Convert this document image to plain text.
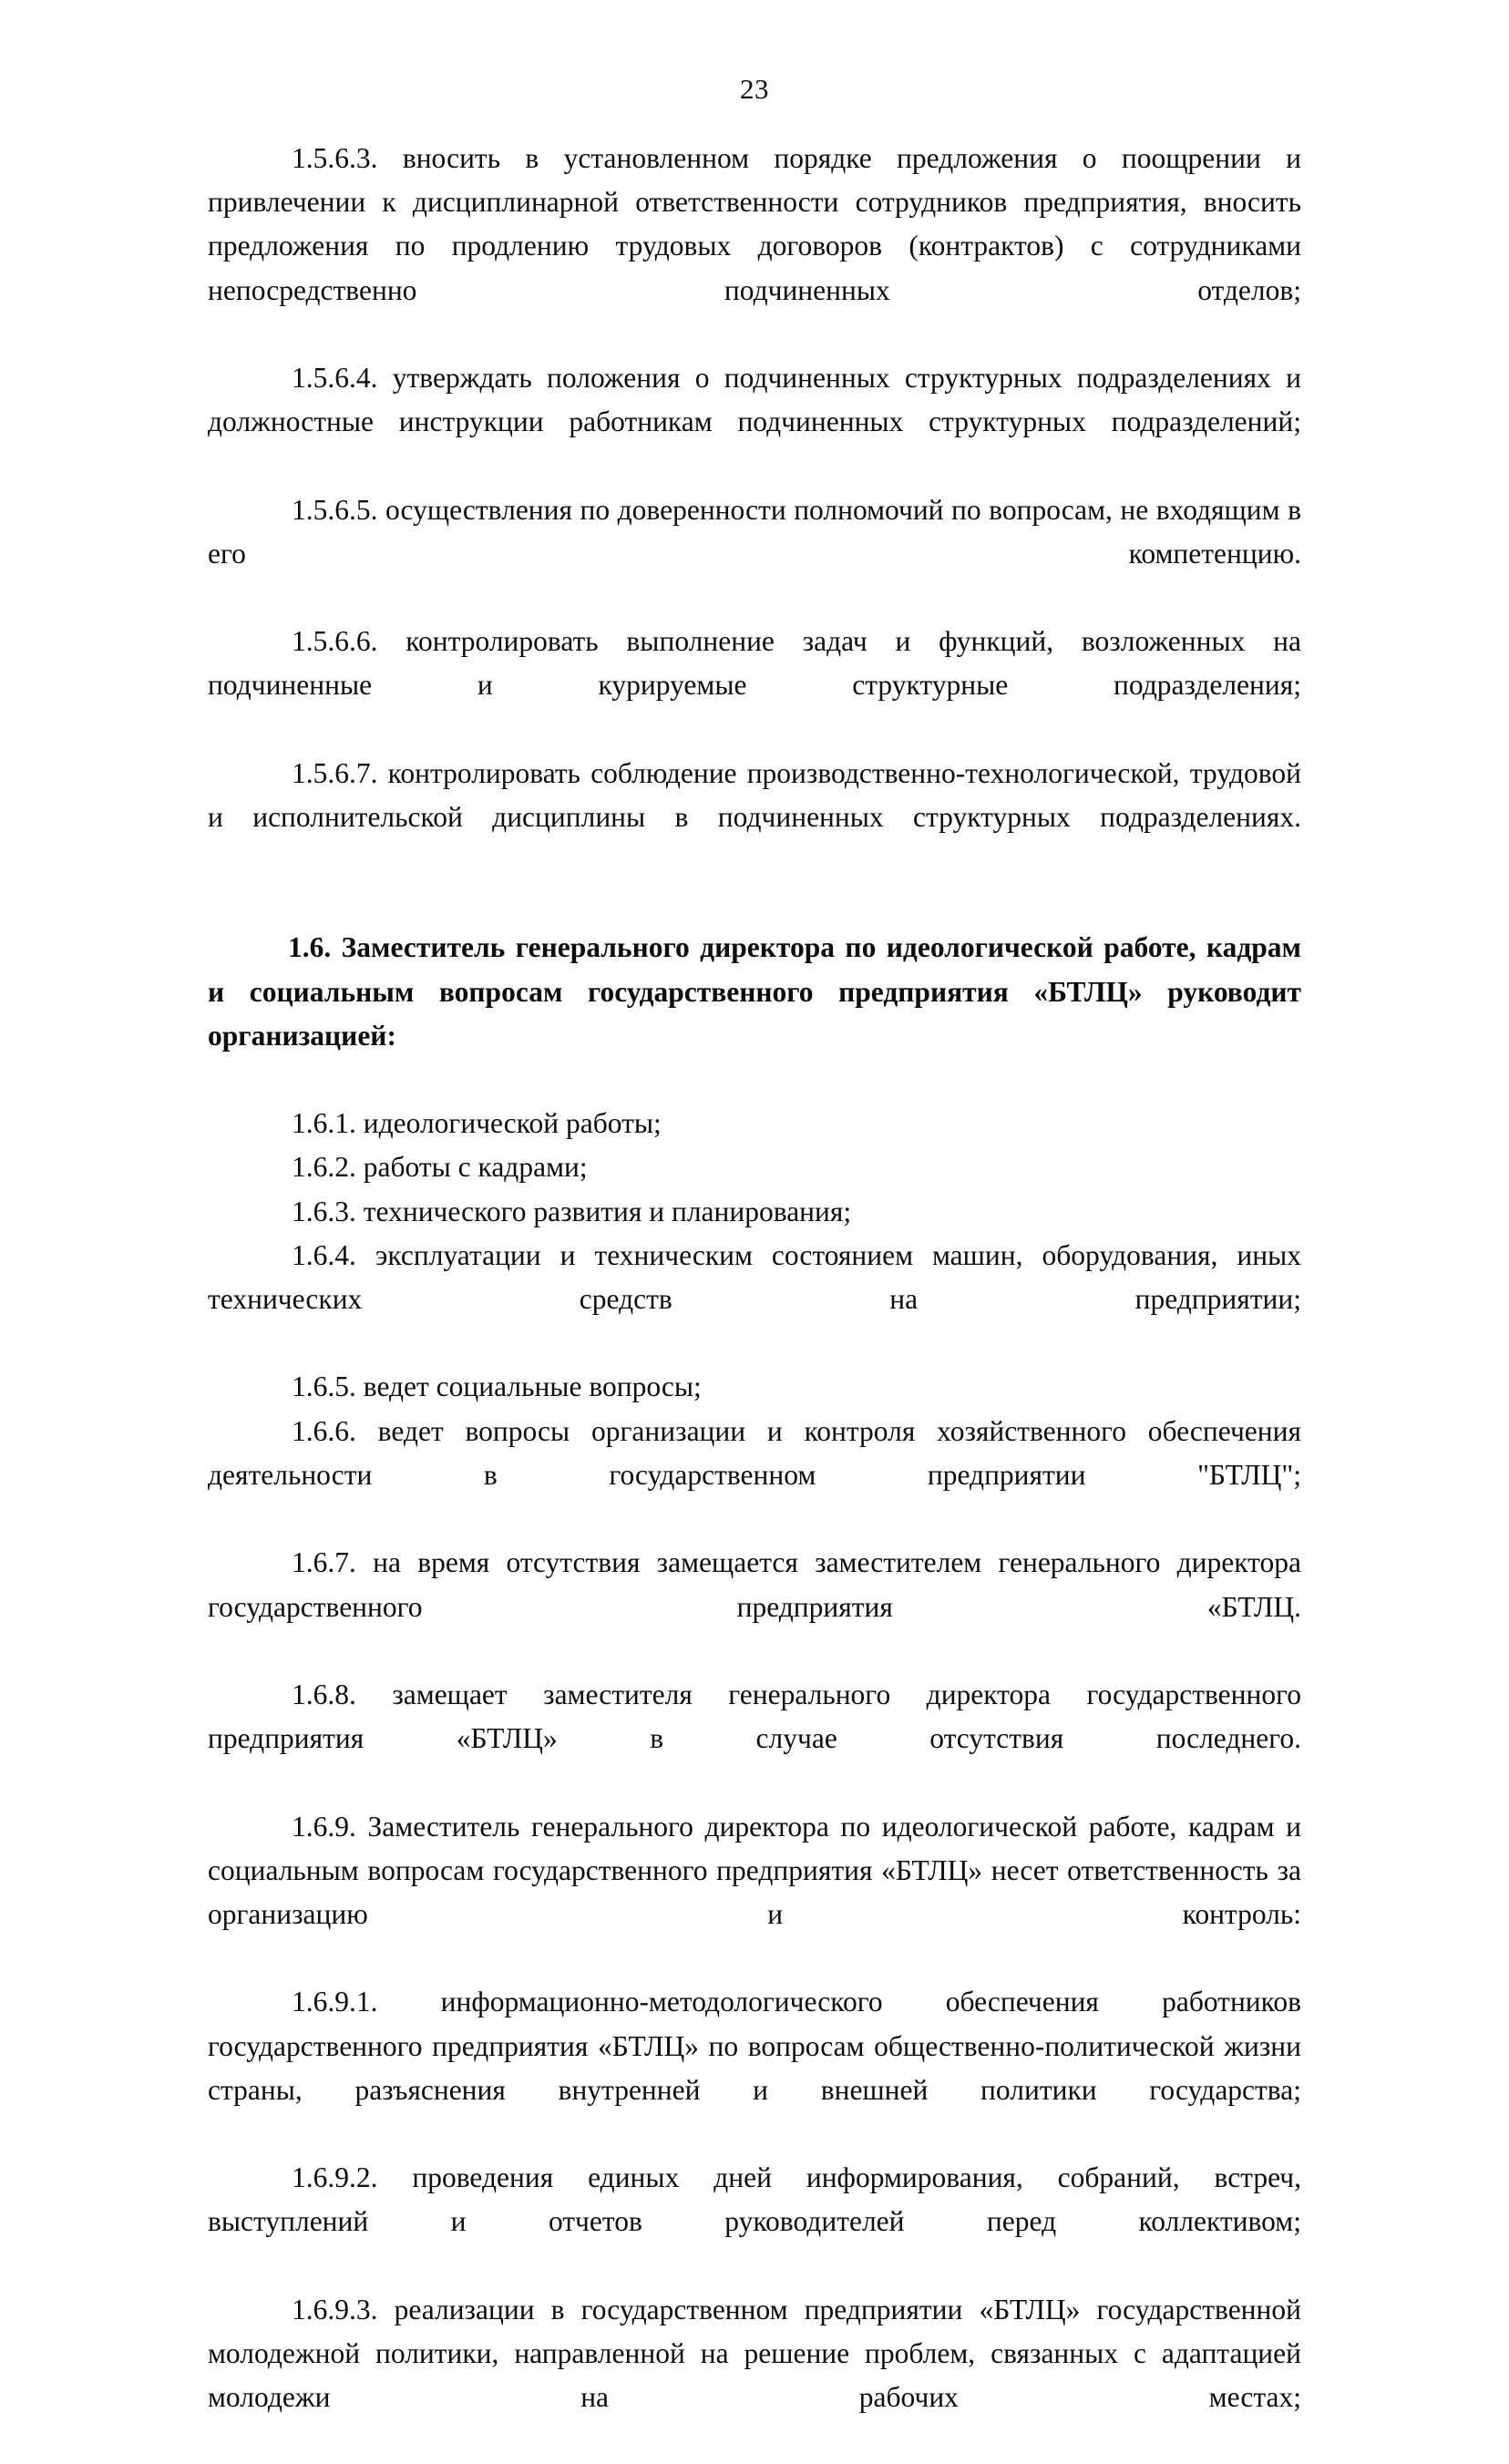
23

1.5.6.3. вносить в установленном порядке предложения о поощрении и привлечении к дисциплинарной ответственности сотрудников предприятия, вносить предложения по продлению трудовых договоров (контрактов) с сотрудниками непосредственно подчиненных отделов;

1.5.6.4. утверждать положения о подчиненных структурных подразделениях и должностные инструкции работникам подчиненных структурных подразделений;

1.5.6.5. осуществления по доверенности полномочий по вопросам, не входящим в его компетенцию.

1.5.6.6. контролировать выполнение задач и функций, возложенных на подчиненные и курируемые структурные подразделения;

1.5.6.7. контролировать соблюдение производственно-технологической, трудовой и исполнительской дисциплины в подчиненных структурных подразделениях.

1.6. Заместитель генерального директора по идеологической работе, кадрам и социальным вопросам государственного предприятия «БТЛЦ» руководит организацией:

1.6.1. идеологической работы;

1.6.2. работы с кадрами;

1.6.3. технического развития и планирования;

1.6.4. эксплуатации и техническим состоянием машин, оборудования, иных технических средств на предприятии;

1.6.5. ведет социальные вопросы;

1.6.6. ведет вопросы организации и контроля хозяйственного обеспечения деятельности в государственном предприятии "БТЛЦ";

1.6.7. на время отсутствия замещается заместителем генерального директора государственного предприятия «БТЛЦ.

1.6.8. замещает заместителя генерального директора государственного предприятия «БТЛЦ» в случае отсутствия последнего.

1.6.9. Заместитель генерального директора по идеологической работе, кадрам и социальным вопросам государственного предприятия «БТЛЦ» несет ответственность за организацию и контроль:

1.6.9.1. информационно-методологического обеспечения работников государственного предприятия «БТЛЦ» по вопросам общественно-политической жизни страны, разъяснения внутренней и внешней политики государства;

1.6.9.2. проведения единых дней информирования, собраний, встреч, выступлений и отчетов руководителей перед коллективом;

1.6.9.3. реализации в государственном предприятии «БТЛЦ» государственной молодежной политики, направленной на решение проблем, связанных с адаптацией молодежи на рабочих местах;
